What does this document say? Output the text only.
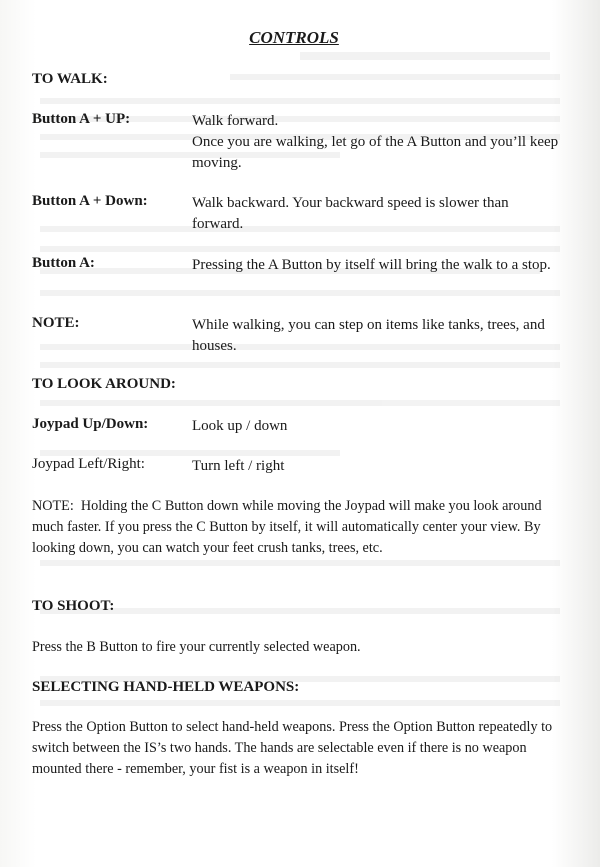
CONTROLS
TO WALK:
Button A + UP:	Walk forward.
Once you are walking, let go of the A Button and you’ll keep moving.
Button A + Down:	Walk backward. Your backward speed is slower than forward.
Button A:	Pressing the A Button by itself will bring the walk to a stop.
NOTE:	While walking, you can step on items like tanks, trees, and houses.
TO LOOK AROUND:
Joypad Up/Down:	Look up / down
Joypad Left/Right:	Turn left / right
NOTE: Holding the C Button down while moving the Joypad will make you look around much faster. If you press the C Button by itself, it will automatically center your view. By looking down, you can watch your feet crush tanks, trees, etc.
TO SHOOT:
Press the B Button to fire your currently selected weapon.
SELECTING HAND-HELD WEAPONS:
Press the Option Button to select hand-held weapons. Press the Option Button repeatedly to switch between the IS’s two hands. The hands are selectable even if there is no weapon mounted there - remember, your fist is a weapon in itself!
